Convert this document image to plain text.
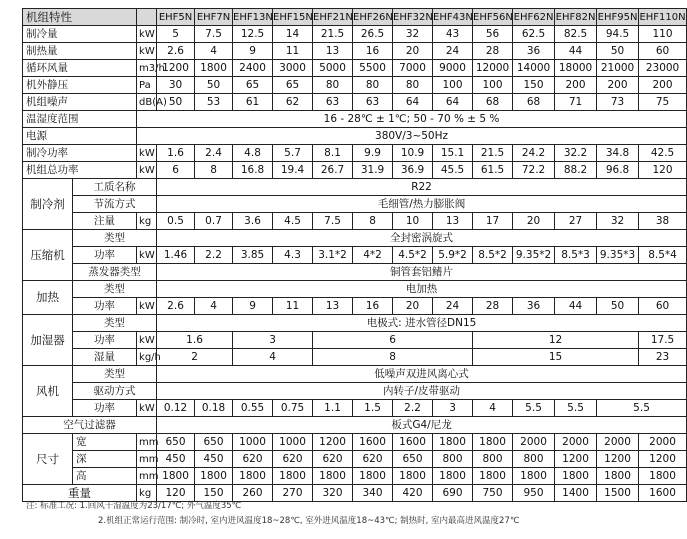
机组特性			EHF5N	EHF7N	EHF13N	EHF15N	EHF21N	EHF26N	EHF32N	EHF43N	EHF56N	EHF62N	EHF82N	EHF95N	EHF110N
制冷量		kW	5	7.5	12.5	14	21.5	26.5	32	43	56	62.5	82.5	94.5	110
制热量		kW	2.6	4	9	11	13	16	20	24	28	36	44	50	60
循环风量		m3/h	1200	1800	2400	3000	5000	5500	7000	9000	12000	14000	18000	21000	23000
机外静压		Pa	30	50	65	65	80	80	80	100	100	150	200	200	200
机组噪声		dB(A)	50	53	61	62	63	63	64	64	68	68	71	73	75
温湿度范围		16 - 28℃ ± 1℃; 50 - 70 % ± 5 %													
电源		380V/3~50Hz													
制冷功率		kW	1.6	2.4	4.8	5.7	8.1	9.9	10.9	15.1	21.5	24.2	32.2	34.8	42.5
机组总功率		kW	6	8	16.8	19.4	26.7	31.9	36.9	45.5	61.5	72.2	88.2	96.8	120
制冷剂	工质名称		R22												
	节流方式		毛细管/热力膨胀阀												
	注量	kg	0.5	0.7	3.6	4.5	7.5	8	10	13	17	20	27	32	38
压缩机	类型		全封密涡旋式												
	功率	kW	1.46	2.2	3.85	4.3	3.1*2	4*2	4.5*2	5.9*2	8.5*2	9.35*2	8.5*3	9.35*3	8.5*4
	蒸发器类型		铜管套铝鳍片												
加热	类型		电加热												
	功率	kW	2.6	4	9	11	13	16	20	24	28	36	44	50	60
加湿器	类型		电极式: 进水管径DN15												
	功率	kW	1.6		3		6				12				17.5
	湿量	kg/h	2		4		8				15				23
风机	类型		低噪声双进风离心式												
	驱动方式		内转子/皮带驱动												
	功率	kW	0.12	0.18	0.55	0.75	1.1	1.5	2.2	3	4	5.5	5.5	5.5	
空气过滤器			板式G4/尼龙												
尺寸	宽	mm	650	650	1000	1000	1200	1600	1600	1800	1800	2000	2000	2000	2000
	深	mm	450	450	620	620	620	620	650	800	800	800	1200	1200	1200
	高	mm	1800	1800	1800	1800	1800	1800	1800	1800	1800	1800	1800	1800	1800
重量		kg	120	150	260	270	320	340	420	690	750	950	1400	1500	1600
注: 标准工况: 1.回风干湿温度为23/17℃; 外气温度35℃
2.机组正常运行范围: 制冷时, 室内进风温度18~28℃, 室外进风温度18~43℃; 制热时, 室内最高进风温度27℃
